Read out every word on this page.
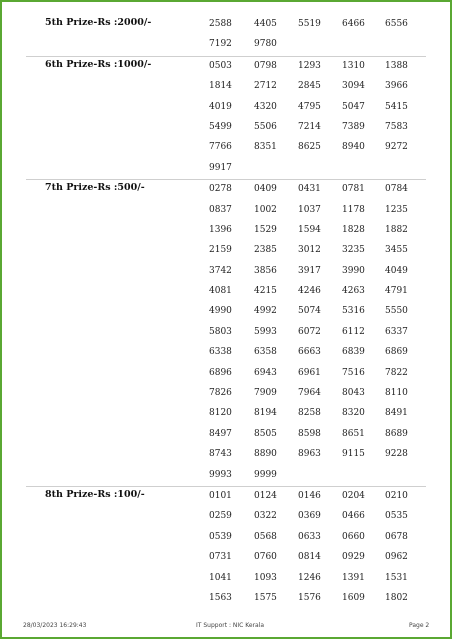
5th Prize-Rs :2000/-	2588 4405 5519 6466 6556
7192 9780
6th Prize-Rs :1000/-	0503 0798 1293 1310 1388
1814 2712 2845 3094 3966
4019 4320 4795 5047 5415
5499 5506 7214 7389 7583
7766 8351 8625 8940 9272
9917
7th Prize-Rs :500/-	0278 0409 0431 0781 0784
0837 1002 1037 1178 1235
1396 1529 1594 1828 1882
2159 2385 3012 3235 3455
3742 3856 3917 3990 4049
4081 4215 4246 4263 4791
4990 4992 5074 5316 5550
5803 5993 6072 6112 6337
6338 6358 6663 6839 6869
6896 6943 6961 7516 7822
7826 7909 7964 8043 8110
8120 8194 8258 8320 8491
8497 8505 8598 8651 8689
8743 8890 8963 9115 9228
9993 9999
8th Prize-Rs :100/-	0101 0124 0146 0204 0210
0259 0322 0369 0466 0535
0539 0568 0633 0660 0678
0731 0760 0814 0929 0962
1041 1093 1246 1391 1531
1563 1575 1576 1609 1802
28/03/2023 16:29:43	IT Support : NIC Kerala	Page 2
